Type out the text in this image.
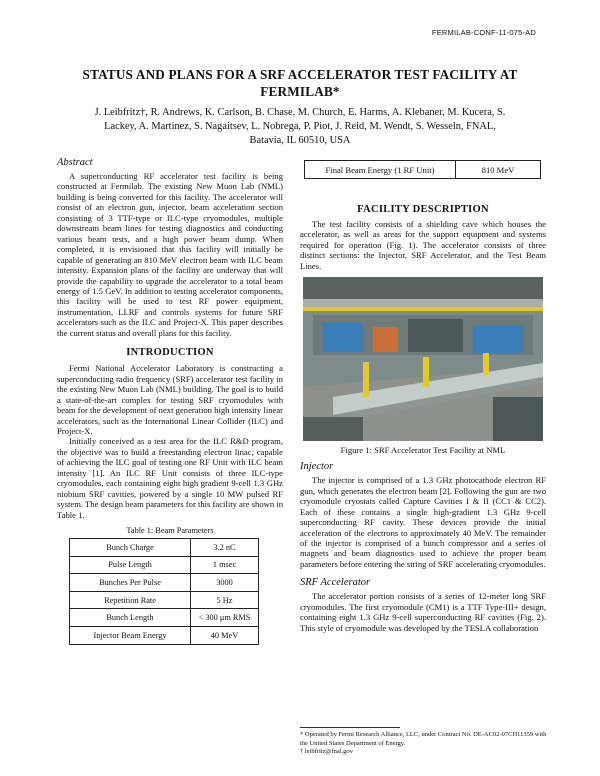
FERMILAB-CONF-11-075-AD
STATUS AND PLANS FOR A SRF ACCELERATOR TEST FACILITY AT
FERMILAB*
J. Leibfritz†, R. Andrews, K. Carlson, B. Chase, M. Church, E. Harms, A. Klebaner, M. Kucera, S.
Lackey, A. Martinez, S. Nagaitsev, L. Nobrega, P. Piot, J. Reid, M. Wendt, S. Wesseln, FNAL,
Batavia, IL 60510, USA
Abstract

A superconducting RF accelerator test facility is being constructed at Fermilab. The existing New Muon Lab (NML) building is being converted for this facility. The accelerator will consist of an electron gun, injector, beam acceleration section consisting of 3 TTF-type or ILC-type cryomodules, multiple downstream beam lines for testing diagnostics and conducting various beam tests, and a high power beam dump. When completed, it is envisioned that this facility will initially be capable of generating an 810 MeV electron beam with ILC beam intensity. Expansion plans of the facility are underway that will provide the capability to upgrade the accelerator to a total beam energy of 1.5 GeV. In addition to testing accelerator components, this facility will be used to test RF power equipment, instrumentation, LLRF and controls systems for future SRF accelerators such as the ILC and Project-X. This paper describes the current status and overall plans for this facility.

INTRODUCTION

Fermi National Accelerator Laboratory is constructing a superconducting radio frequency (SRF) accelerator test facility in the existing New Muon Lab (NML) building. The goal is to build a state-of-the-art complex for testing SRF cryomodules with beam for the development of next generation high intensity linear accelerators, such as the International Linear Collider (ILC) and Project-X.

Initially conceived as a test area for the ILC R&D program, the objective was to build a freestanding electron linac, capable of achieving the ILC goal of testing one RF Unit with ILC beam intensity [1]. An ILC RF Unit consists of three ILC-type cryomodules, each containing eight high gradient 9-cell 1.3 GHz niobium SRF cavities, powered by a single 10 MW pulsed RF system. The design beam parameters for this facility are shown in Table 1.

Table 1: Beam Parameters
Bunch Charge	3.2 nC
Pulse Length	1 msec
Bunches Per Pulse	3000
Repetition Rate	5 Hz
Bunch Length	< 300 μm RMS
Injector Beam Energy	40 MeV
Final Beam Energy (1 RF Unit)	810 MeV
FACILITY DESCRIPTION

The test facility consists of a shielding cave which houses the accelerator, as well as areas for the support equipment and systems required for operation (Fig. 1). The accelerator consists of three distinct sections: the Injector, SRF Accelerator, and the Test Beam Lines.

Figure 1: SRF Accelerator Test Facility at NML
Injector

The injector is comprised of a 1.3 GHz photocathode electron RF gun, which generates the electron beam [2]. Following the gun are two cryomodule cryostats called Capture Cavities I & II (CC1 & CC2). Each of these contains a single high-gradient 1.3 GHz 9-cell superconducting RF cavity. These devices provide the initial acceleration of the electrons to approximately 40 MeV. The remainder of the injector is comprised of a bunch compressor and a series of magnets and beam diagnostics used to achieve the proper beam parameters before entering the string of SRF accelerating cryomodules.

SRF Accelerator

The accelerator portion consists of a series of 12-meter long SRF cryomodules. The first cryomodule (CM1) is a TTF Type-III+ design, containing eight 1.3 GHz 9-cell superconducting RF cavities (Fig. 2). This style of cryomodule was developed by the TESLA collaboration

* Operated by Fermi Research Alliance, LLC, under Contract No. DE-AC02-07CH11359 with the United States Department of Energy.
† leibfritz@fnal.gov
